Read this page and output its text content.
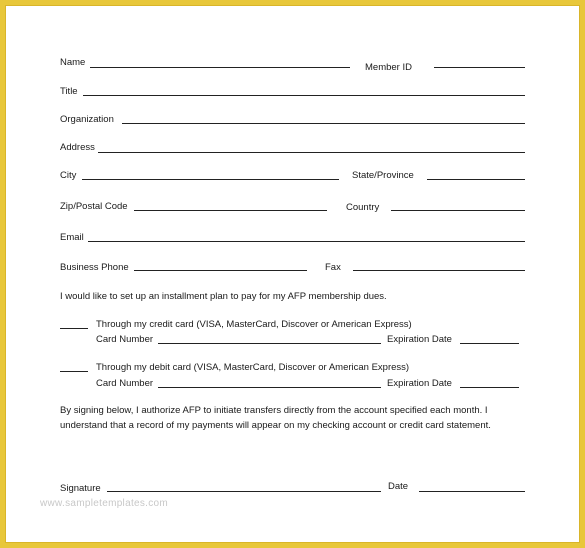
Name	Member ID
Title
Organization
Address
City	State/Province
Zip/Postal Code	Country
Email
Business Phone	Fax
I would like to set up an installment plan to pay for my AFP membership dues.
Through my credit card (VISA, MasterCard, Discover or American Express)
Card Number	Expiration Date
Through my debit card (VISA, MasterCard, Discover or American Express)
Card Number	Expiration Date
By signing below, I authorize AFP to initiate transfers directly from the account specified each month. I understand that a record of my payments will appear on my checking account or credit card statement.
Signature	Date
www.sampletemplates.com
